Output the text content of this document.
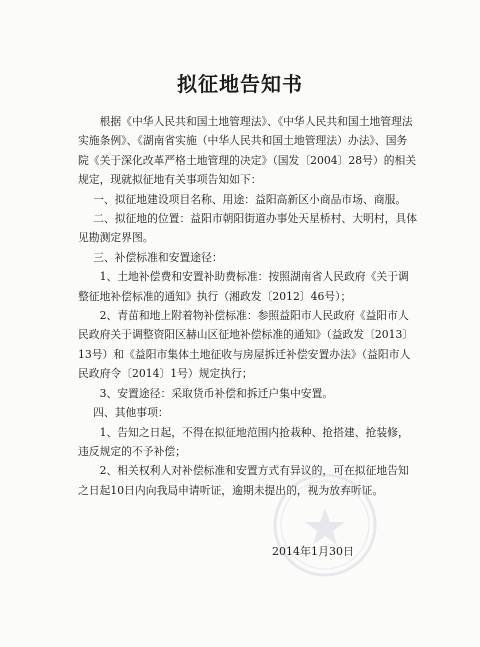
拟征地告知书

根据《中华人民共和国土地管理法》、《中华人民共和国土地管理法实施条例》、《湖南省实施（中华人民共和国土地管理法）办法》、国务院《关于深化改革严格土地管理的决定》（国发〔2004〕28号）的相关规定，现就拟征地有关事项告知如下：

一、拟征地建设项目名称、用途：益阳高新区小商品市场、商服。

二、拟征地的位置：益阳市朝阳街道办事处天星桥村、大明村，具体见勘测定界图。

三、补偿标准和安置途径：

1、土地补偿费和安置补助费标准：按照湖南省人民政府《关于调整征地补偿标准的通知》执行（湘政发〔2012〕46号）；

2、青苗和地上附着物补偿标准：参照益阳市人民政府《益阳市人民政府关于调整资阳区赫山区征地补偿标准的通知》（益政发〔2013〕13号）和《益阳市集体土地征收与房屋拆迁补偿安置办法》（益阳市人民政府令〔2014〕1号）规定执行；

3、安置途径：采取货币补偿和拆迁户集中安置。

四、其他事项：

1、告知之日起，不得在拟征地范围内抢栽种、抢搭建、抢装修，违反规定的不予补偿；

2、相关权利人对补偿标准和安置方式有异议的，可在拟征地告知之日起10日内向我局申请听证，逾期未提出的，视为放弃听证。

2014年1月30日
